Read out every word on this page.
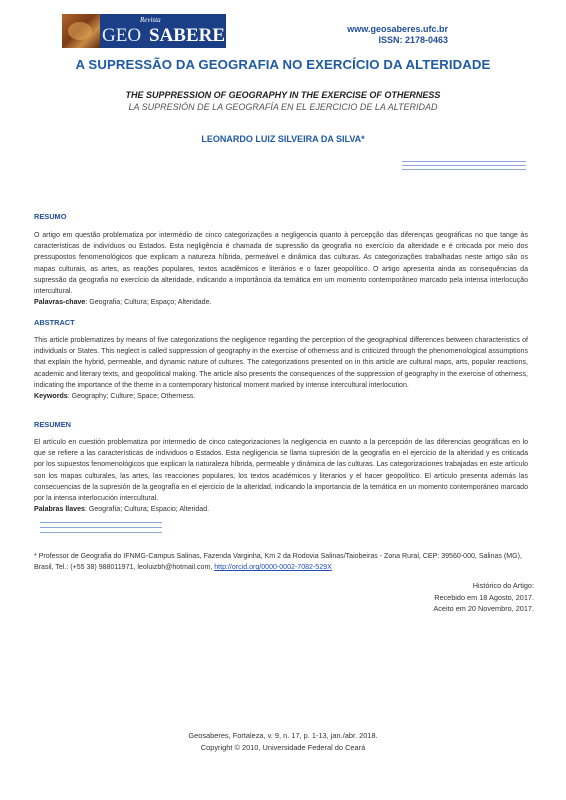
Revista
GEO SABERES	www.geosaberes.ufc.br
ISSN: 2178-0463
A SUPRESSÃO DA GEOGRAFIA NO EXERCÍCIO DA ALTERIDADE
THE SUPPRESSION OF GEOGRAPHY IN THE EXERCISE OF OTHERNESS
LA SUPRESIÓN DE LA GEOGRAFÍA EN EL EJERCICIO DE LA ALTERIDAD
LEONARDO LUIZ SILVEIRA DA SILVA*
RESUMO
O artigo em questão problematiza por intermédio de cinco categorizações a negligencia quanto à percepção das diferenças geográficas no que tange às características de indivíduos ou Estados. Esta negligência é chamada de supressão da geografia no exercício da alteridade e é criticada por meio dos pressupostos fenomenológicos que explicam a natureza híbrida, permeável e dinâmica das culturas. As categorizações trabalhadas neste artigo são os mapas culturais, as artes, as reações populares, textos acadêmicos e literários e o fazer geopolítico. O artigo apresenta ainda as consequências da supressão da geografia no exercício da alteridade, indicando a importância da temática em um momento contemporâneo marcado pela intensa interlocução intercultural.
Palavras-chave: Geografia; Cultura; Espaço; Alteridade.
ABSTRACT
This article problematizes by means of five categorizations the negligence regarding the perception of the geographical differences between characteristics of individuals or States. This neglect is called suppression of geography in the exercise of otherness and is criticized through the phenomenological assumptions that explain the hybrid, permeable, and dynamic nature of cultures. The categorizations presented on in this article are cultural maps, arts, popular reactions, academic and literary texts, and geopolitical making. The article also presents the consequences of the suppression of geography in the exercise of otherness, indicating the importance of the theme in a contemporary historical moment marked by intense intercultural interlocution.
Keywords: Geography; Culture; Space; Otherness.
RESUMEN
El artículo en cuestión problematiza por intermedio de cinco categorizaciones la negligencia en cuanto a la percepción de las diferencias geográficas en lo que se refiere a las características de individuos o Estados. Esta negligencia se llama supresión de la geografía en el ejercicio de la alteridad y es criticada por los supuestos fenomenológicos que explican la naturaleza híbrida, permeable y dinámica de las culturas. Las categorizaciones trabajadas en este artículo son los mapas culturales, las artes, las reacciones populares, los textos académicos y literarios y el hacer geopolítico. El artículo presenta además las consecuencias de la supresión de la geografía en el ejercicio de la alteridad, indicando la importancia de la temática en un momento contemporáneo marcado por la intensa interlocución intercultural.
Palabras llaves: Geografía; Cultura; Espacio; Alteridad.
* Professor de Geografia do IFNMG-Campus Salinas, Fazenda Varginha, Km 2 da Rodovia Salinas/Taiobeiras - Zona Rural, CEP: 39560-000, Salinas (MG), Brasil, Tel.: (+55 38) 988011971, leoluizbh@hotmail.com, http://orcid.org/0000-0002-7082-529X
Histórico do Artigo:
Recebido em 18 Agosto, 2017.
Aceito em 20 Novembro, 2017.
Geosaberes, Fortaleza, v. 9, n. 17, p. 1-13, jan./abr. 2018.
Copyright © 2010, Universidade Federal do Ceará
